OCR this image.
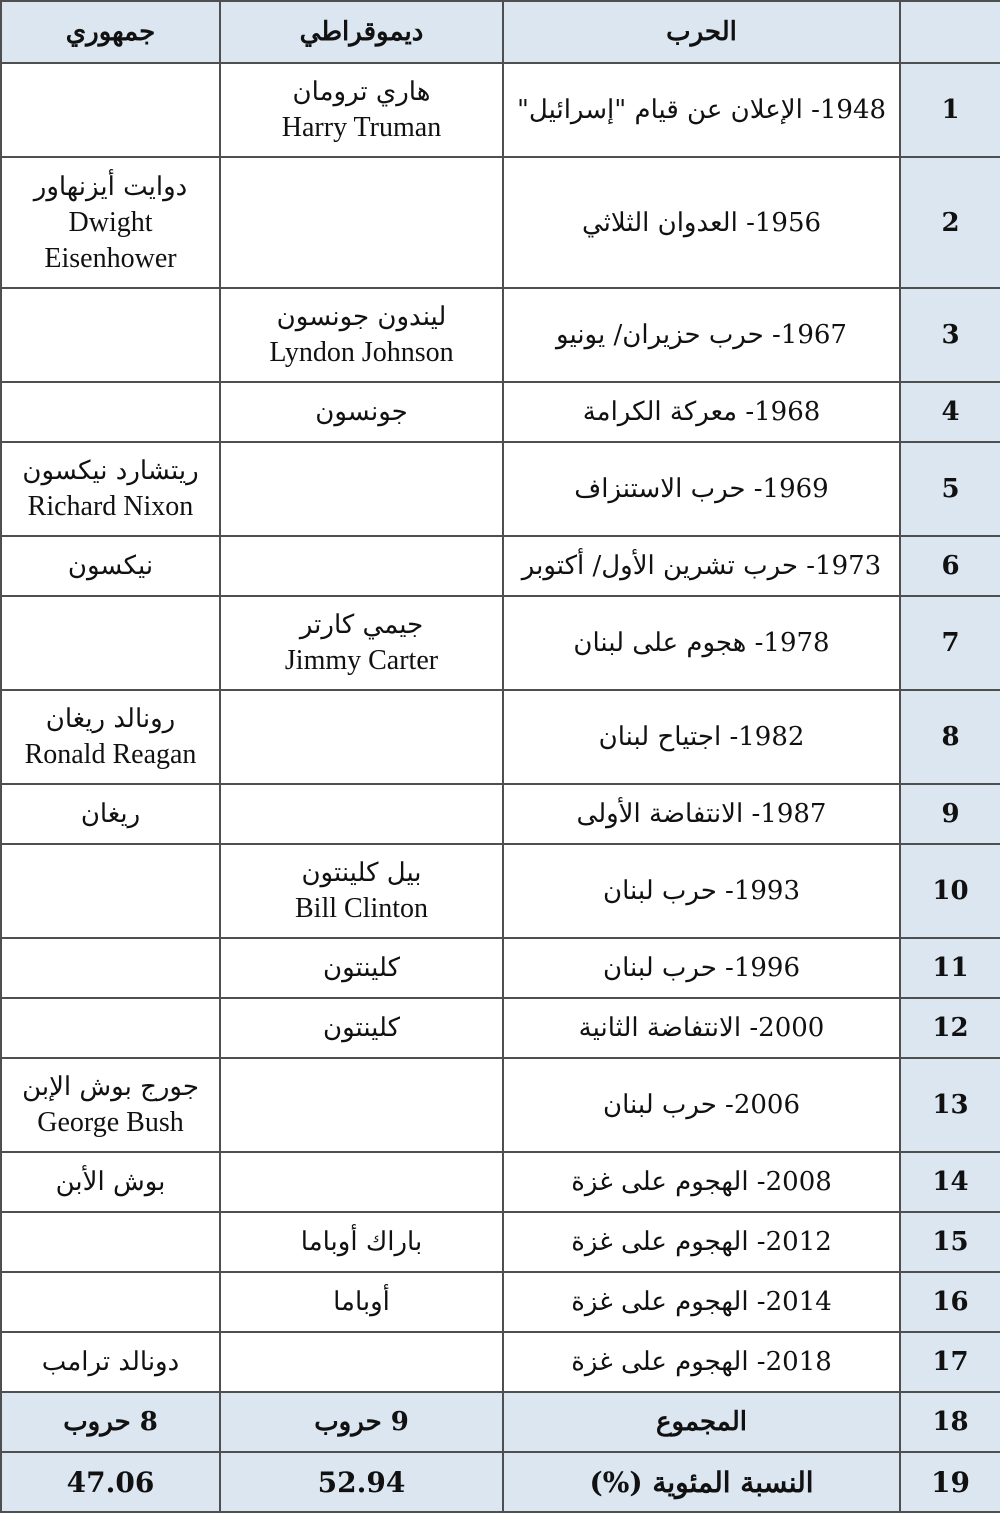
جمهوري	ديموقراطي	الحرب	

	هاري ترومان
Harry Truman	1948- الإعلان عن قيام "إسرائيل"	1

دوايت أيزنهاور
Dwight Eisenhower		1956- العدوان الثلاثي	2

	ليندون جونسون
Lyndon Johnson	1967- حرب حزيران/ يونيو	3

	جونسون	1968- معركة الكرامة	4

ريتشارد نيكسون
Richard Nixon		1969- حرب الاستنزاف	5

نيكسون		1973- حرب تشرين الأول/ أكتوبر	6

	جيمي كارتر
Jimmy Carter	1978- هجوم على لبنان	7

رونالد ريغان
Ronald Reagan		1982- اجتياح لبنان	8

ريغان		1987- الانتفاضة الأولى	9

	بيل كلينتون
Bill Clinton	1993- حرب لبنان	10

	كلينتون	1996- حرب لبنان	11

	كلينتون	2000- الانتفاضة الثانية	12

جورج بوش الإبن
George Bush		2006- حرب لبنان	13

بوش الأبن		2008- الهجوم على غزة	14

	باراك أوباما	2012- الهجوم على غزة	15

	أوباما	2014- الهجوم على غزة	16

دونالد ترامب		2018- الهجوم على غزة	17
8 حروب	9 حروب	المجموع	18
47.06	52.94	النسبة المئوية (%)	19
